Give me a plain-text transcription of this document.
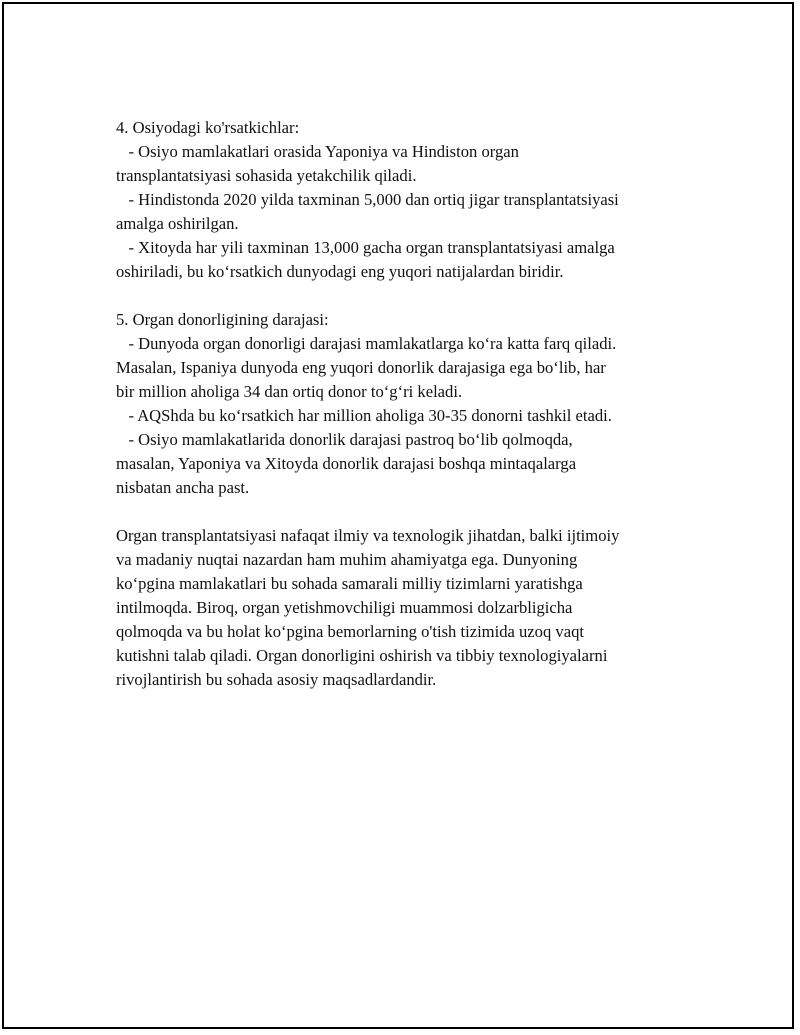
4. Osiyodagi ko'rsatkichlar:
- Osiyo mamlakatlari orasida Yaponiya va Hindiston organ
transplantatsiyasi sohasida yetakchilik qiladi.
- Hindistonda 2020 yilda taxminan 5,000 dan ortiq jigar transplantatsiyasi
amalga oshirilgan.
- Xitoyda har yili taxminan 13,000 gacha organ transplantatsiyasi amalga
oshiriladi, bu ko‘rsatkich dunyodagi eng yuqori natijalardan biridir.
5. Organ donorligining darajasi:
- Dunyoda organ donorligi darajasi mamlakatlarga ko‘ra katta farq qiladi.
Masalan, Ispaniya dunyoda eng yuqori donorlik darajasiga ega bo‘lib, har
bir million aholiga 34 dan ortiq donor to‘g‘ri keladi.
- AQShda bu ko‘rsatkich har million aholiga 30-35 donorni tashkil etadi.
- Osiyo mamlakatlarida donorlik darajasi pastroq bo‘lib qolmoqda,
masalan, Yaponiya va Xitoyda donorlik darajasi boshqa mintaqalarga
nisbatan ancha past.
Organ transplantatsiyasi nafaqat ilmiy va texnologik jihatdan, balki ijtimoiy
va madaniy nuqtai nazardan ham muhim ahamiyatga ega. Dunyoning
ko‘pgina mamlakatlari bu sohada samarali milliy tizimlarni yaratishga
intilmoqda. Biroq, organ yetishmovchiligi muammosi dolzarbligicha
qolmoqda va bu holat ko‘pgina bemorlarning o'tish tizimida uzoq vaqt
kutishni talab qiladi. Organ donorligini oshirish va tibbiy texnologiyalarni
rivojlantirish bu sohada asosiy maqsadlardandir.
